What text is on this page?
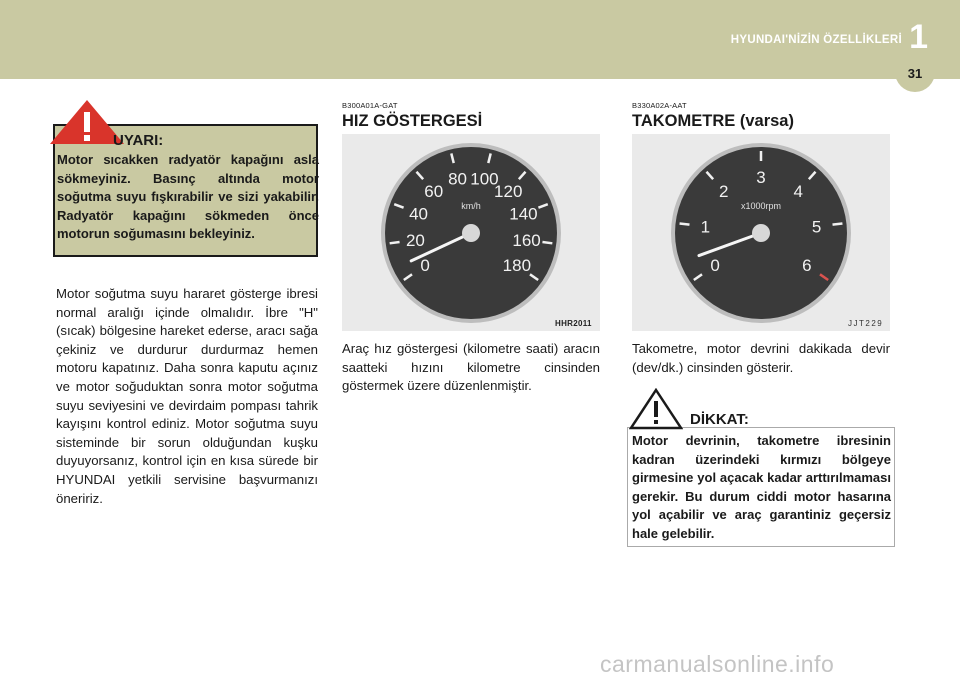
HYUNDAI'NİZİN ÖZELLİKLERİ 1
31
UYARI:
Motor sıcakken radyatör kapağını asla sökmeyiniz. Basınç altında motor soğutma suyu fışkırabilir ve sizi yakabilir. Radyatör kapağını sökmeden önce motorun soğumasını bekleyiniz.
Motor soğutma suyu hararet gösterge ibresi normal aralığı içinde olmalıdır. İbre "H" (sıcak) bölgesine hareket ederse, aracı sağa çekiniz ve durdurur durdurmaz hemen motoru kapatınız. Daha sonra kaputu açınız ve motor soğuduktan sonra motor soğutma suyu seviyesini ve devirdaim pompası tahrik kayışını kontrol ediniz. Motor soğutma suyu sisteminde bir sorun olduğundan kuşku duyuyorsanız, kontrol için en kısa sürede bir HYUNDAI yetkili servisine başvurmanızı öneririz.
B300A01A-GAT
HIZ GÖSTERGESİ
0
20
40
60
80 100
120
140
160
180
km/h
HHR2011
Araç hız göstergesi (kilometre saati) aracın saatteki hızını kilometre cinsinden göstermek üzere düzenlenmiştir.
B330A02A-AAT
TAKOMETRE (varsa)
0
1
2
3
4
5
6
x1000rpm
JJT229
Takometre, motor devrini dakikada devir (dev/dk.) cinsinden gösterir.
DİKKAT:
Motor devrinin, takometre ibresinin kadran üzerindeki kırmızı bölgeye girmesine yol açacak kadar arttırılmaması gerekir. Bu durum ciddi motor hasarına yol açabilir ve araç garantiniz geçersiz hale gelebilir.
carmanualsonline.info
